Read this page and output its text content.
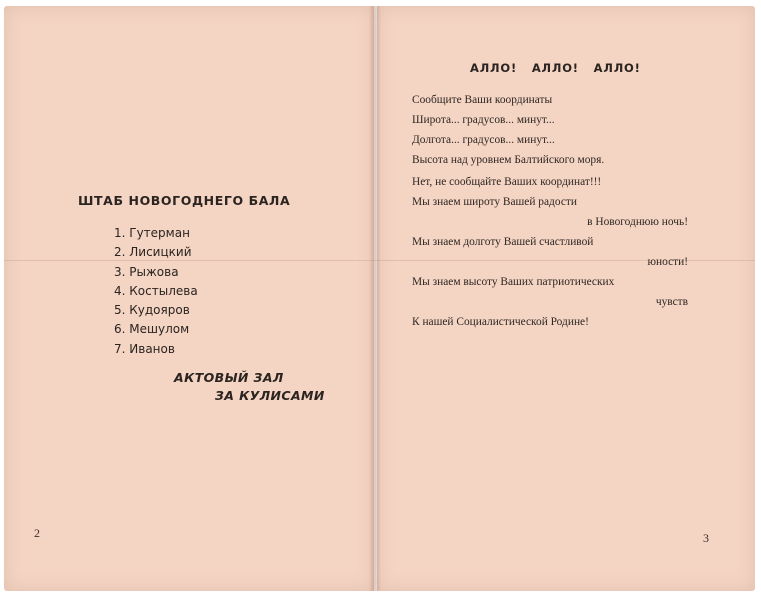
ШТАБ НОВОГОДНЕГО БАЛА
1. Гутерман
2. Лисицкий
3. Рыжова
4. Костылева
5. Кудояров
6. Мешулом
7. Иванов
АКТОВЫЙ ЗАЛ
ЗА КУЛИСАМИ
2
АЛЛО! АЛЛО! АЛЛО!
Сообщите Ваши координаты
Широта... градусов... минут...
Долгота... градусов... минут...
Высота над уровнем Балтийского моря.
Нет, не сообщайте Ваших координат!!!
Мы знаем широту Вашей радости
в Новогоднюю ночь!
Мы знаем долготу Вашей счастливой
юности!
Мы знаем высоту Ваших патриотических
чувств
К нашей Социалистической Родине!
3
